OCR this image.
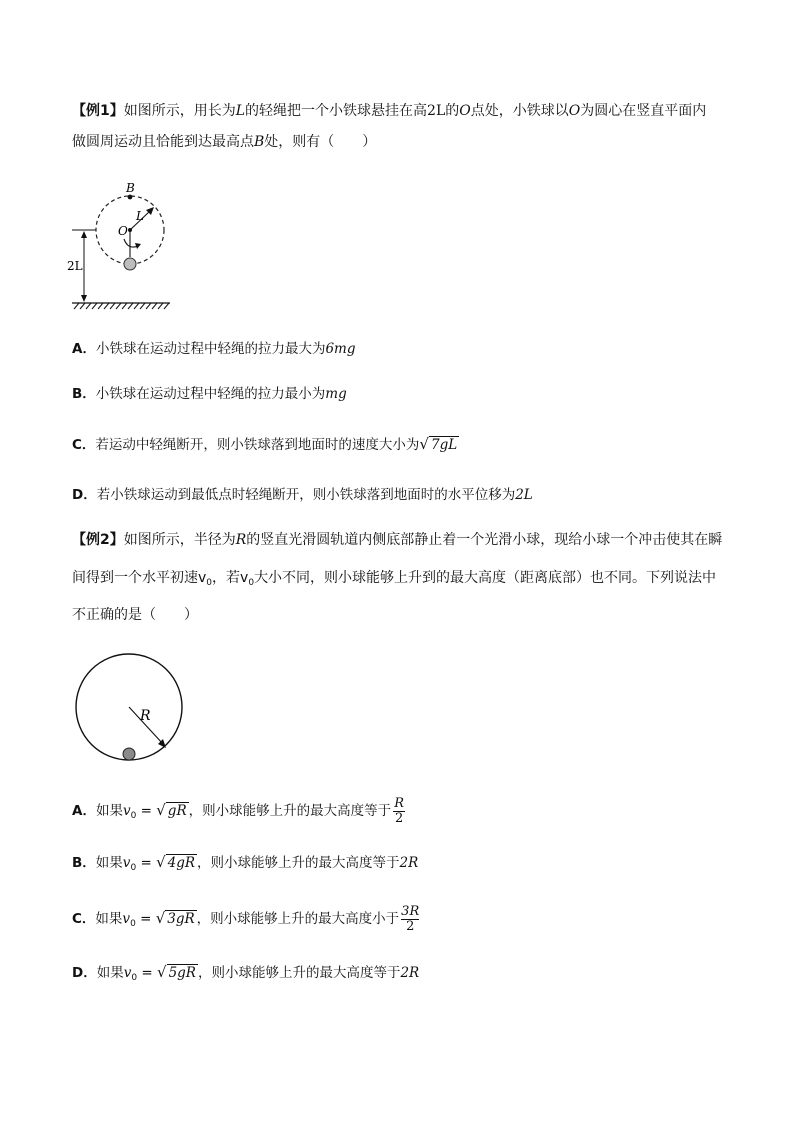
【例1】如图所示，用长为L的轻绳把一个小铁球悬挂在高2L的O点处，小铁球以O为圆心在竖直平面内
做圆周运动且恰能到达最高点B处，则有（　　）
B
O
L
2L
A．小铁球在运动过程中轻绳的拉力最大为6mg
B．小铁球在运动过程中轻绳的拉力最小为mg
C．若运动中轻绳断开，则小铁球落到地面时的速度大小为√ 7gL
D．若小铁球运动到最低点时轻绳断开，则小铁球落到地面时的水平位移为2L
【例2】如图所示，半径为R的竖直光滑圆轨道内侧底部静止着一个光滑小球，现给小球一个冲击使其在瞬
间得到一个水平初速$v_0$，若$v_0$大小不同，则小球能够上升到的最大高度（距离底部）也不同。下列说法中
不正确的是（　　）
R
A．如果$v_0$ = √ gR ，则小球能够上升的最大高度等于 $\frac{R}{2}$
B．如果$v_0$ = √ 4gR ，则小球能够上升的最大高度等于2R
C．如果$v_0$ = √ 3gR ，则小球能够上升的最大高度小于 $\frac{3R}{2}$
D．如果$v_0$ = √ 5gR ，则小球能够上升的最大高度等于2R
